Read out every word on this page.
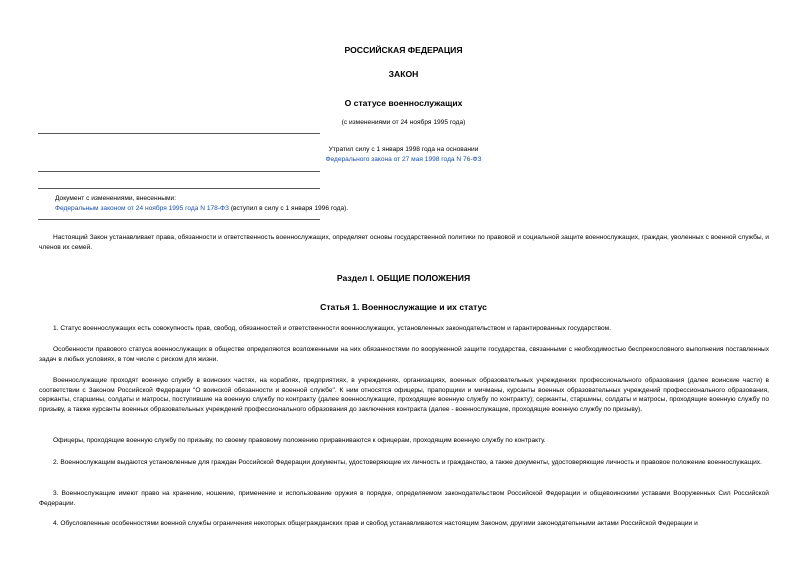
РОССИЙСКАЯ ФЕДЕРАЦИЯ
ЗАКОН
О статусе военнослужащих
(с изменениями от 24 ноября 1995 года)
Утратил силу с 1 января 1998 года на основании
Федерального закона от 27 мая 1998 года N 76-ФЗ
Документ с изменениями, внесенными:
Федеральным законом от 24 ноября 1995 года N 178-ФЗ (вступил в силу с 1 января 1996 года).
Настоящий Закон устанавливает права, обязанности и ответственность военнослужащих, определяет основы государственной политики по правовой и социальной защите военнослужащих, граждан, уволенных с военной службы, и членов их семей.
Раздел I. ОБЩИЕ ПОЛОЖЕНИЯ
Статья 1. Военнослужащие и их статус
1. Статус военнослужащих есть совокупность прав, свобод, обязанностей и ответственности военнослужащих, установленных законодательством и гарантированных государством.
Особенности правового статуса военнослужащих в обществе определяются возложенными на них обязанностями по вооруженной защите государства, связанными с необходимостью беспрекословного выполнения поставленных задач в любых условиях, в том числе с риском для жизни.
Военнослужащие проходят военную службу в воинских частях, на кораблях, предприятиях, в учреждениях, организациях, военных образовательных учреждениях профессионального образования (далее воинские части) в соответствии с Законом Российской Федерации "О воинской обязанности и военной службе". К ним относятся офицеры, прапорщики и мичманы, курсанты военных образовательных учреждений профессионального образования, сержанты, старшины, солдаты и матросы, поступившие на военную службу по контракту (далее военнослужащие, проходящие военную службу по контракту); сержанты, старшины, солдаты и матросы, проходящие военную службу по призыву, а также курсанты военных образовательных учреждений профессионального образования до заключения контракта (далее - военнослужащие, проходящие военную службу по призыву).
Офицеры, проходящие военную службу по призыву, по своему правовому положению приравниваются к офицерам, проходящим военную службу по контракту.
2. Военнослужащим выдаются установленные для граждан Российской Федерации документы, удостоверяющие их личность и гражданство, а также документы, удостоверяющие личность и правовое положение военнослужащих.
3. Военнослужащие имеют право на хранение, ношение, применение и использование оружия в порядке, определяемом законодательством Российской Федерации и общевоинскими уставами Вооруженных Сил Российской Федерации.
4. Обусловленные особенностями военной службы ограничения некоторых общегражданских прав и свобод устанавливаются настоящим Законом, другими законодательными актами Российской Федерации и
